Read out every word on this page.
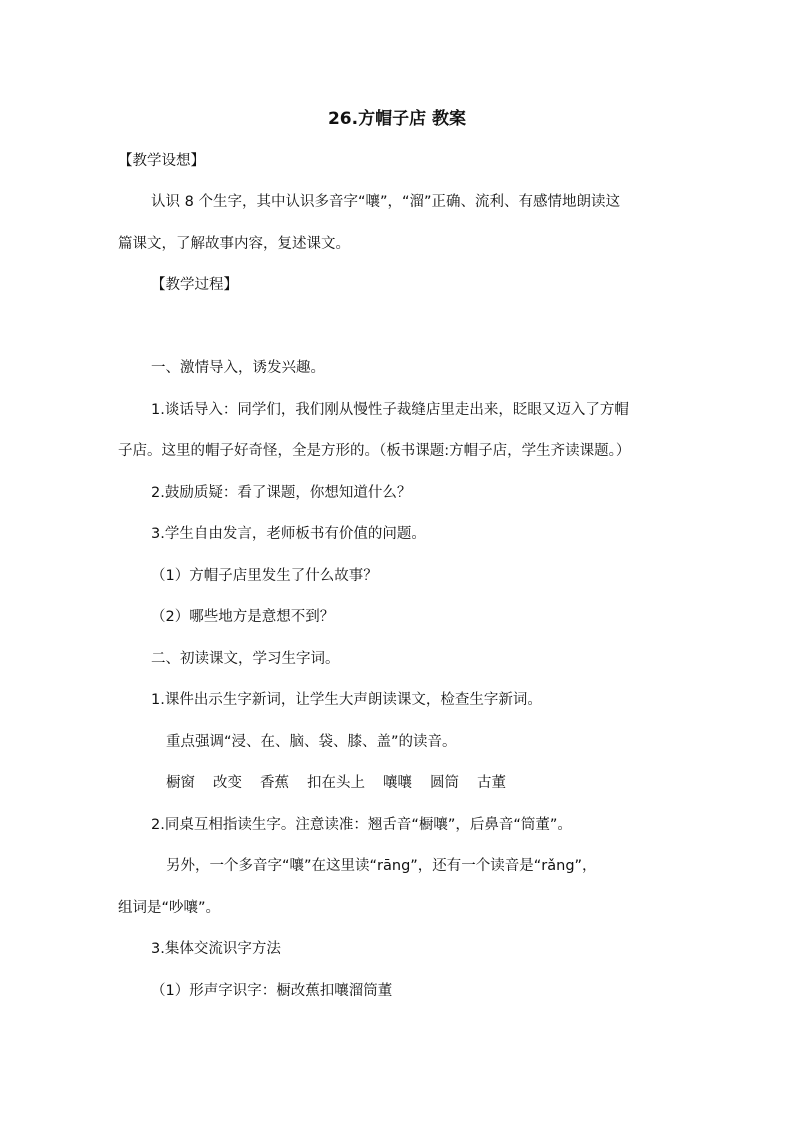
26.方帽子店 教案
【教学设想】
认识 8 个生字，其中认识多音字“嚷”，“溜”正确、流利、有感情地朗读这
篇课文，了解故事内容，复述课文。
【教学过程】
一、激情导入，诱发兴趣。
1.谈话导入：同学们，我们刚从慢性子裁缝店里走出来，眨眼又迈入了方帽
子店。这里的帽子好奇怪，全是方形的。（板书课题:方帽子店，学生齐读课题。）
2.鼓励质疑：看了课题，你想知道什么？
3.学生自由发言，老师板书有价值的问题。
（1）方帽子店里发生了什么故事？
（2）哪些地方是意想不到？
二、初读课文，学习生字词。
1.课件出示生字新词，让学生大声朗读课文，检查生字新词。
重点强调“浸、在、脑、袋、膝、盖”的读音。
橱窗 改变 香蕉 扣在头上 嚷嚷 圆筒 古董
2.同桌互相指读生字。注意读准：翘舌音“橱嚷”，后鼻音“筒董”。
另外，一个多音字“嚷”在这里读“rāng”，还有一个读音是“rǎng”，
组词是“吵嚷”。
3.集体交流识字方法
（1）形声字识字：橱改蕉扣嚷溜筒董
